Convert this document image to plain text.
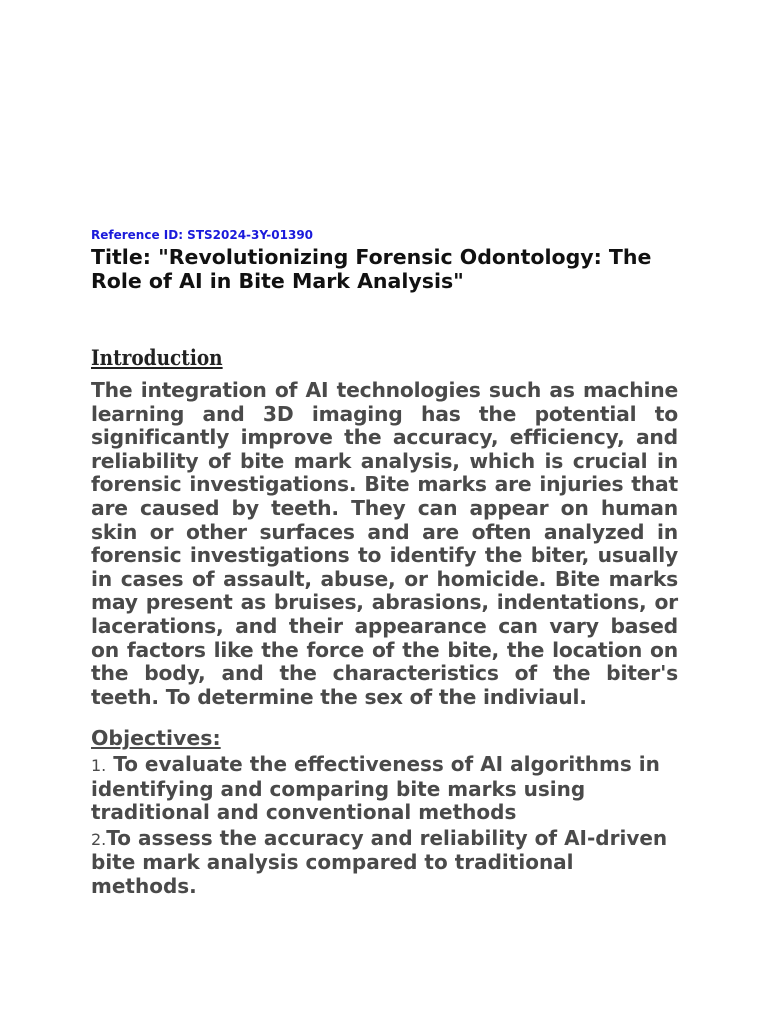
Reference ID: STS2024-3Y-01390

Title: "Revolutionizing Forensic Odontology: The Role of AI in Bite Mark Analysis"
Introduction

The integration of AI technologies such as machine learning and 3D imaging has the potential to significantly improve the accuracy, efficiency, and reliability of bite mark analysis, which is crucial in forensic investigations. Bite marks are injuries that are caused by teeth. They can appear on human skin or other surfaces and are often analyzed in forensic investigations to identify the biter, usually in cases of assault, abuse, or homicide. Bite marks may present as bruises, abrasions, indentations, or lacerations, and their appearance can vary based on factors like the force of the bite, the location on the body, and the characteristics of the biter's teeth. To determine the sex of the indiviaul.

Objectives:

1. To evaluate the effectiveness of AI algorithms in identifying and comparing bite marks using traditional and conventional methods

2.To assess the accuracy and reliability of AI-driven bite mark analysis compared to traditional methods.
